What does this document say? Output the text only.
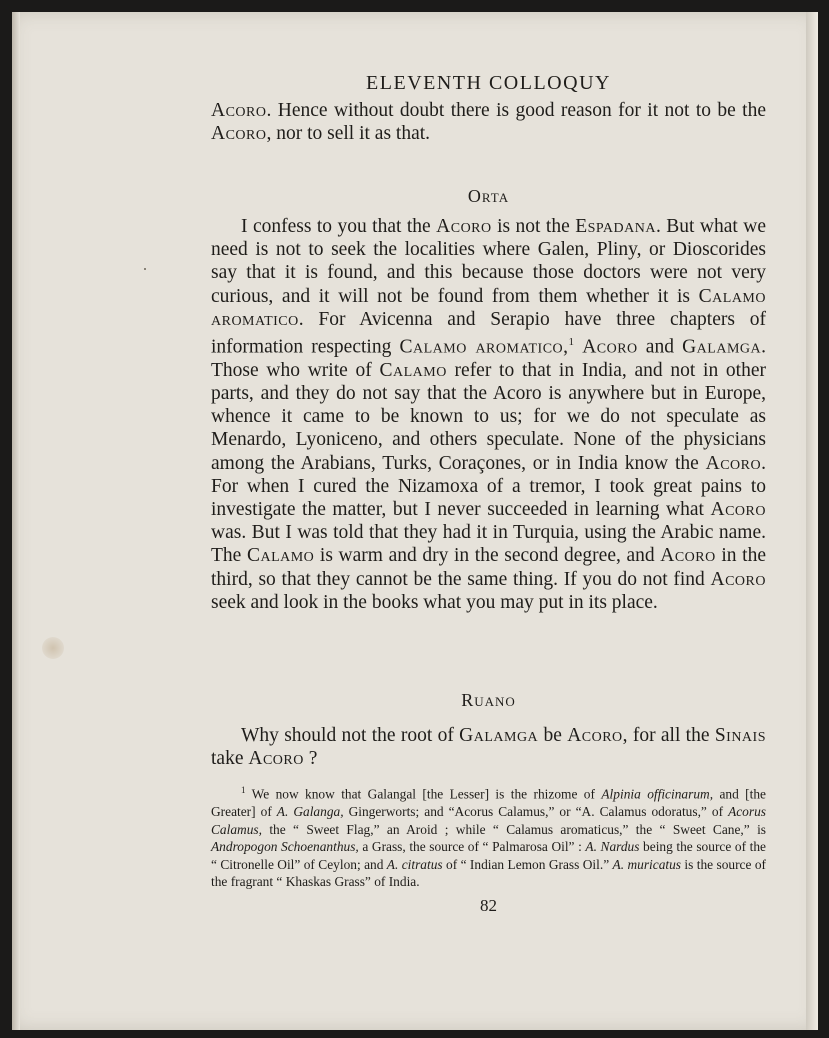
ELEVENTH COLLOQUY

Acoro. Hence without doubt there is good reason for it not to be the Acoro, nor to sell it as that.

Orta

I confess to you that the Acoro is not the Espadana. But what we need is not to seek the localities where Galen, Pliny, or Dioscorides say that it is found, and this because those doctors were not very curious, and it will not be found from them whether it is Calamo aromatico. For Avicenna and Serapio have three chapters of information respecting Calamo aromatico,$^1$ Acoro and Galamga. Those who write of Calamo refer to that in India, and not in other parts, and they do not say that the Acoro is anywhere but in Europe, whence it came to be known to us; for we do not speculate as Menardo, Lyoniceno, and others speculate. None of the physicians among the Arabians, Turks, Coraçones, or in India know the Acoro. For when I cured the Nizamoxa of a tremor, I took great pains to investigate the matter, but I never succeeded in learning what Acoro was. But I was told that they had it in Turquia, using the Arabic name. The Calamo is warm and dry in the second degree, and Acoro in the third, so that they cannot be the same thing. If you do not find Acoro seek and look in the books what you may put in its place.

Ruano

Why should not the root of Galamga be Acoro, for all the Sinais take Acoro ?

$^1$ We now know that Galangal [the Lesser] is the rhizome of Alpinia officinarum, and [the Greater] of A. Galanga, Gingerworts; and “Acorus Calamus,” or “A. Calamus odoratus,” of Acorus Calamus, the “ Sweet Flag,” an Aroid ; while “ Calamus aromaticus,” the “ Sweet Cane,” is Andropogon Schoenanthus, a Grass, the source of “ Palmarosa Oil” : A. Nardus being the source of the “ Citronelle Oil” of Ceylon; and A. citratus of “ Indian Lemon Grass Oil.” A. muricatus is the source of the fragrant “ Khaskas Grass” of India.

82
